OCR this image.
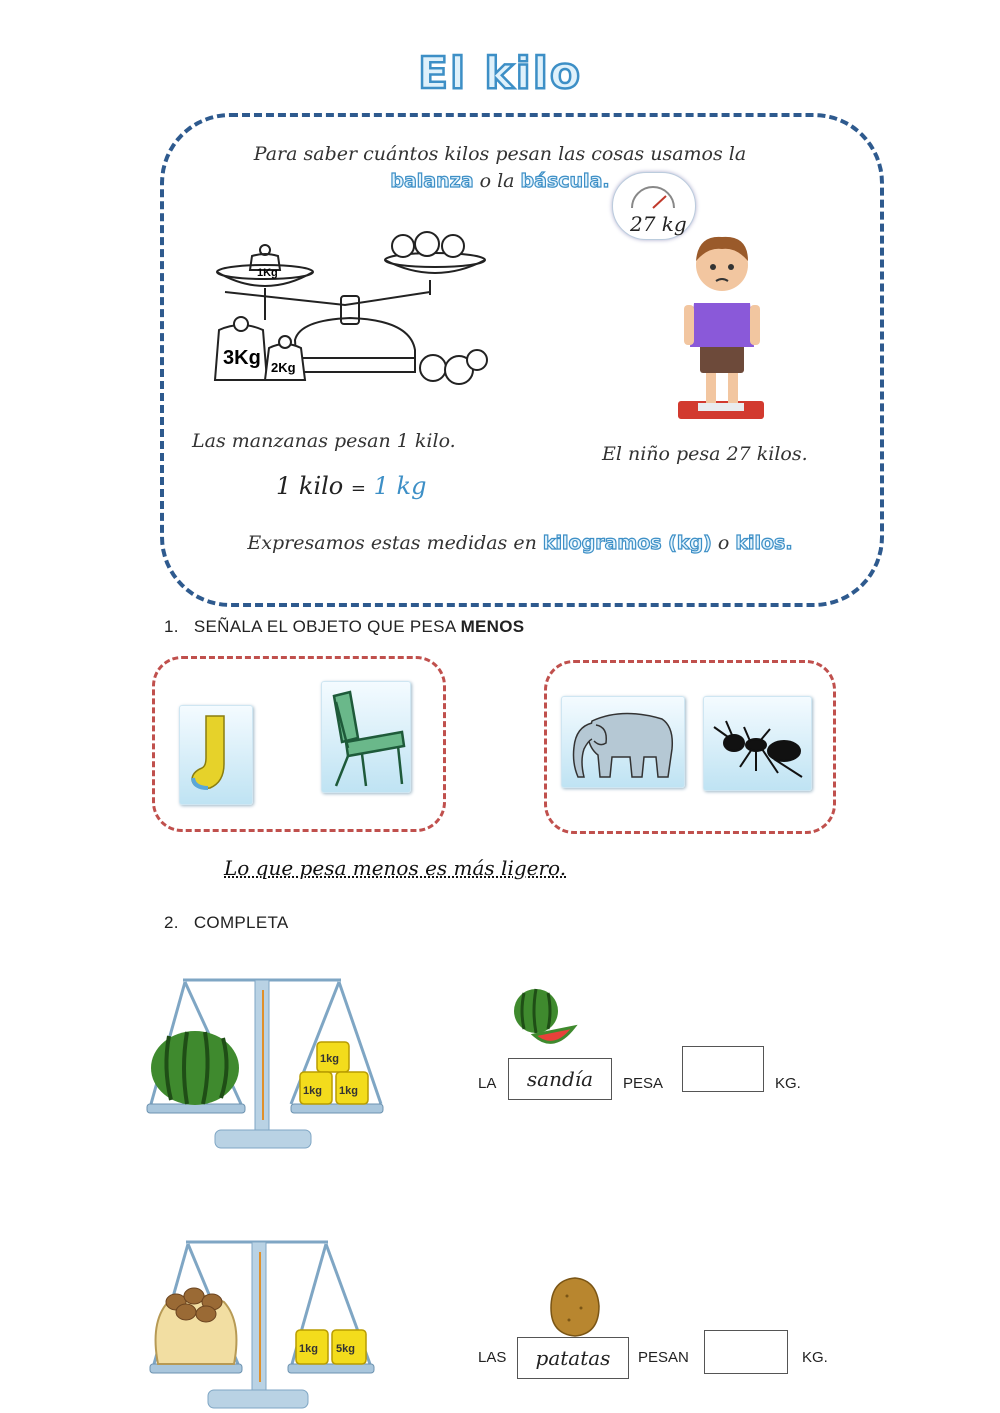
El kilo
Para saber cuántos kilos pesan las cosas usamos la
balanza o la báscula.
1Kg
3Kg 2Kg
27 kg
Las manzanas pesan 1 kilo.
El niño pesa 27 kilos.
1 kilo = 1 kg
Expresamos estas medidas en kilogramos (kg) o kilos.
1. SEÑALA EL OBJETO QUE PESA MENOS
Lo que pesa menos es más ligero.
2. COMPLETA
1kg
1kg 1kg	LA	sandía	PESA	KG.
1kg 5kg	LAS	patatas	PESAN	KG.
